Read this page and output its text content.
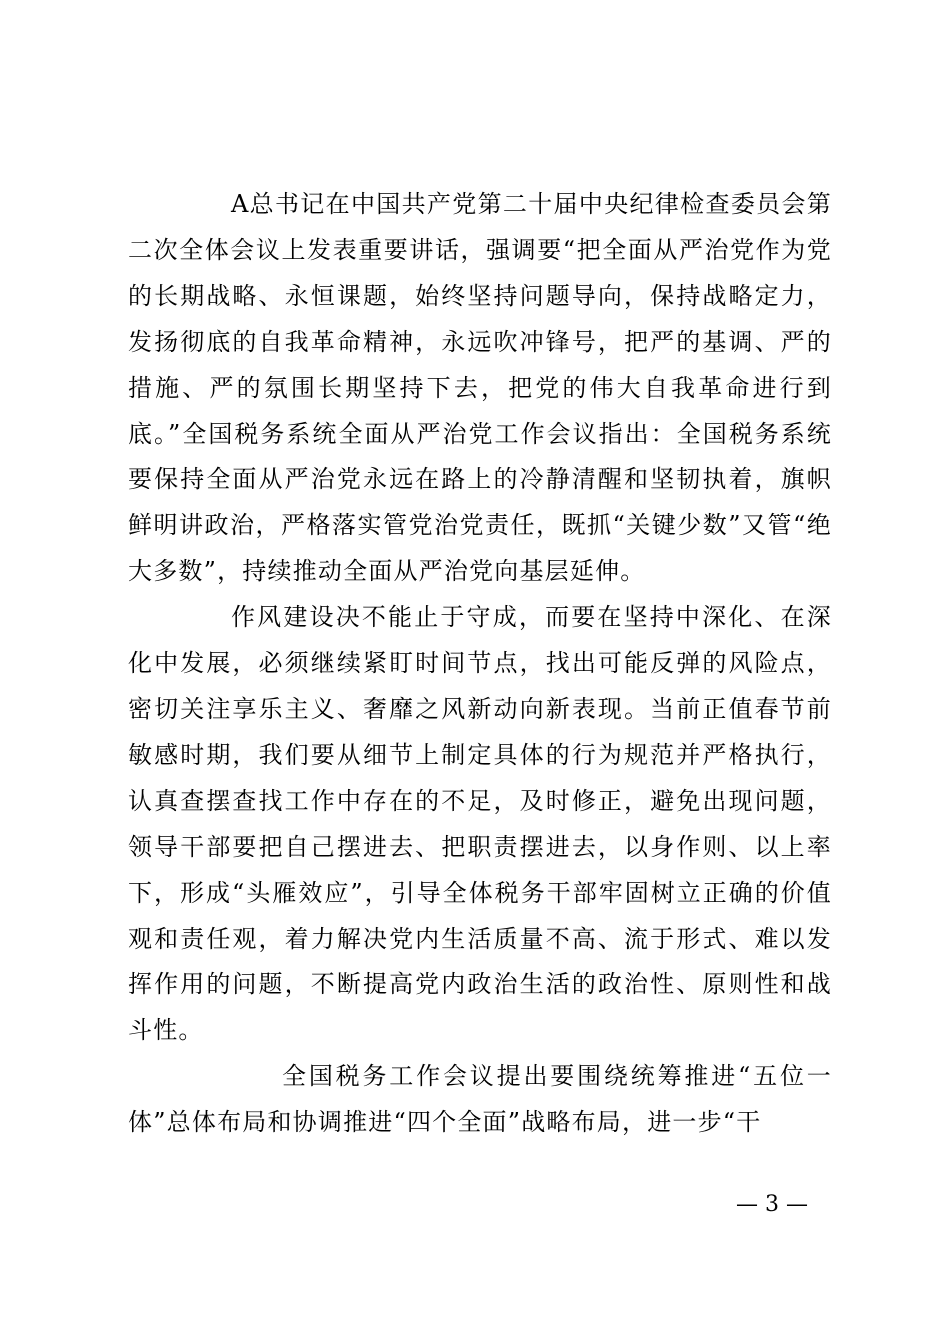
A总书记在中国共产党第二十届中央纪律检查委员会第二次全体会议上发表重要讲话，强调要“把全面从严治党作为党的长期战略、永恒课题，始终坚持问题导向，保持战略定力，发扬彻底的自我革命精神，永远吹冲锋号，把严的基调、严的措施、严的氛围长期坚持下去，把党的伟大自我革命进行到底。”全国税务系统全面从严治党工作会议指出：全国税务系统要保持全面从严治党永远在路上的冷静清醒和坚韧执着，旗帜鲜明讲政治，严格落实管党治党责任，既抓“关键少数”又管“绝大多数”，持续推动全面从严治党向基层延伸。

作风建设决不能止于守成，而要在坚持中深化、在深化中发展，必须继续紧盯时间节点，找出可能反弹的风险点，密切关注享乐主义、奢靡之风新动向新表现。当前正值春节前敏感时期，我们要从细节上制定具体的行为规范并严格执行，认真查摆查找工作中存在的不足，及时修正，避免出现问题，领导干部要把自己摆进去、把职责摆进去，以身作则、以上率下，形成“头雁效应”，引导全体税务干部牢固树立正确的价值观和责任观，着力解决党内生活质量不高、流于形式、难以发挥作用的问题，不断提高党内政治生活的政治性、原则性和战斗性。

全国税务工作会议提出要围绕统筹推进“五位一体”总体布局和协调推进“四个全面”战略布局，进一步“干

— 3 —
